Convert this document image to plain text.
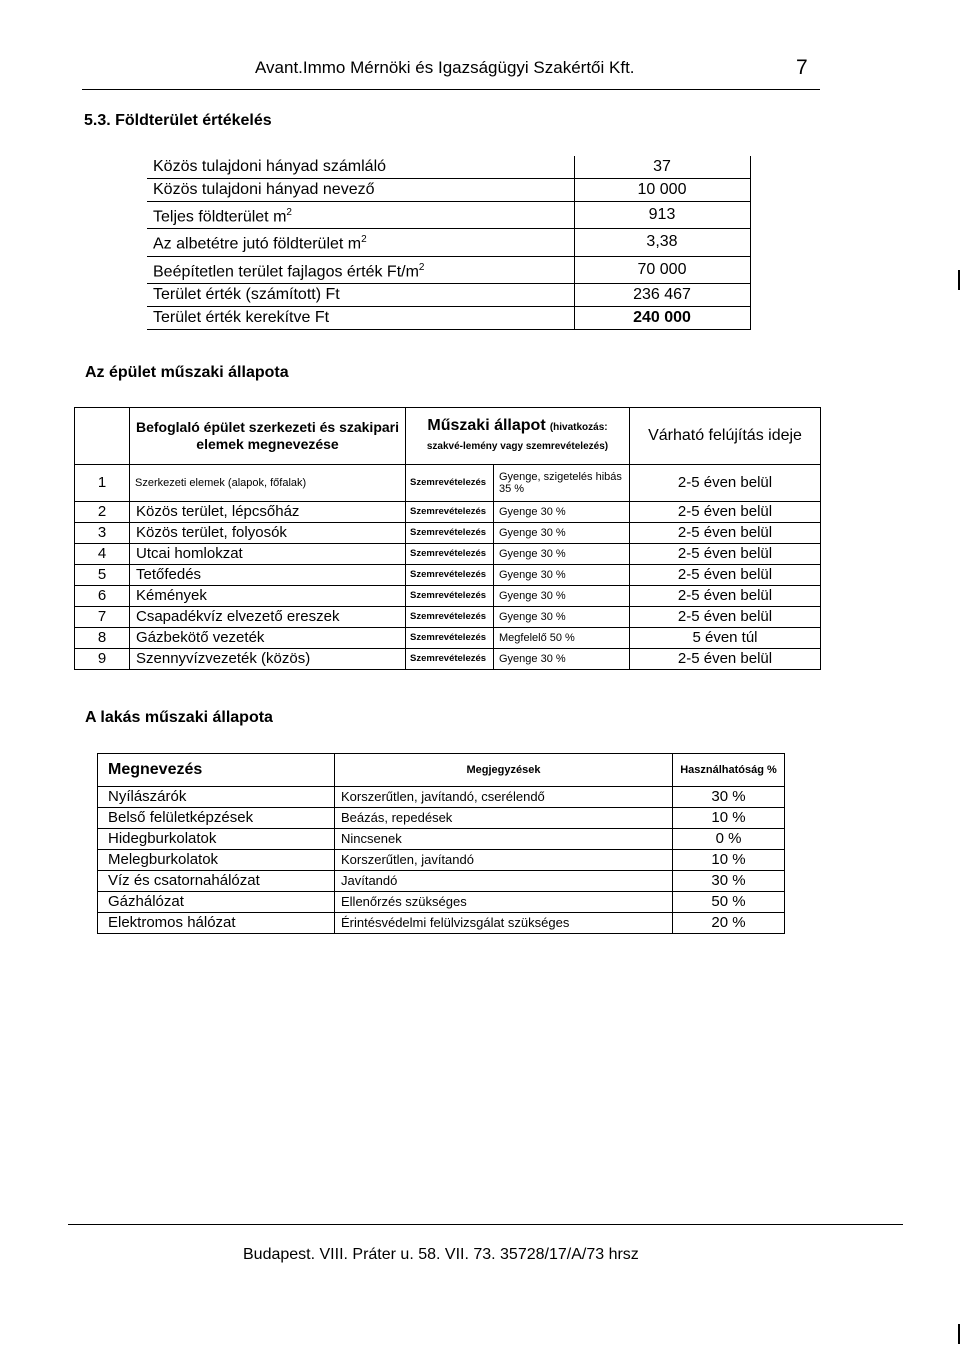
Avant.Immo Mérnöki és Igazságügyi Szakértői Kft.	7
5.3. Földterület értékelés
Közös tulajdoni hányad számláló	37
Közös tulajdoni hányad nevező	10 000
Teljes földterület $m^2$	913
Az albetétre jutó földterület $m^2$	3,38
Beépítetlen terület fajlagos érték $Ft/m^2$	70 000
Terület érték (számított) Ft	236 467
Terület érték kerekítve Ft	240 000
Az épület műszaki állapota
	Befoglaló épület szerkezeti és szakipari elemek megnevezése	Műszaki állapot (hivatkozás: szakvé-lemény vagy szemrevételezés)		Várható felújítás ideje
1	Szerkezeti elemek (alapok, főfalak)	Szemrevételezés	Gyenge, szigetelés hibás 35 %	2-5 éven belül
2	Közös terület, lépcsőház	Szemrevételezés	Gyenge 30 %	2-5 éven belül
3	Közös terület, folyosók	Szemrevételezés	Gyenge 30 %	2-5 éven belül
4	Utcai homlokzat	Szemrevételezés	Gyenge 30 %	2-5 éven belül
5	Tetőfedés	Szemrevételezés	Gyenge 30 %	2-5 éven belül
6	Kémények	Szemrevételezés	Gyenge 30 %	2-5 éven belül
7	Csapadékvíz elvezető ereszek	Szemrevételezés	Gyenge 30 %	2-5 éven belül
8	Gázbekötő vezeték	Szemrevételezés	Megfelelő 50 %	5 éven túl
9	Szennyvízvezeték (közös)	Szemrevételezés	Gyenge 30 %	2-5 éven belül
A lakás műszaki állapota
Megnevezés	Megjegyzések	Használhatóság %
Nyílászárók	Korszerűtlen, javítandó, cserélendő	30 %
Belső felületképzések	Beázás, repedések	10 %
Hidegburkolatok	Nincsenek	0 %
Melegburkolatok	Korszerűtlen, javítandó	10 %
Víz és csatornahálózat	Javítandó	30 %
Gázhálózat	Ellenőrzés szükséges	50 %
Elektromos hálózat	Érintésvédelmi felülvizsgálat szükséges	20 %
Budapest. VIII. Práter u. 58. VII. 73. 35728/17/A/73 hrsz
